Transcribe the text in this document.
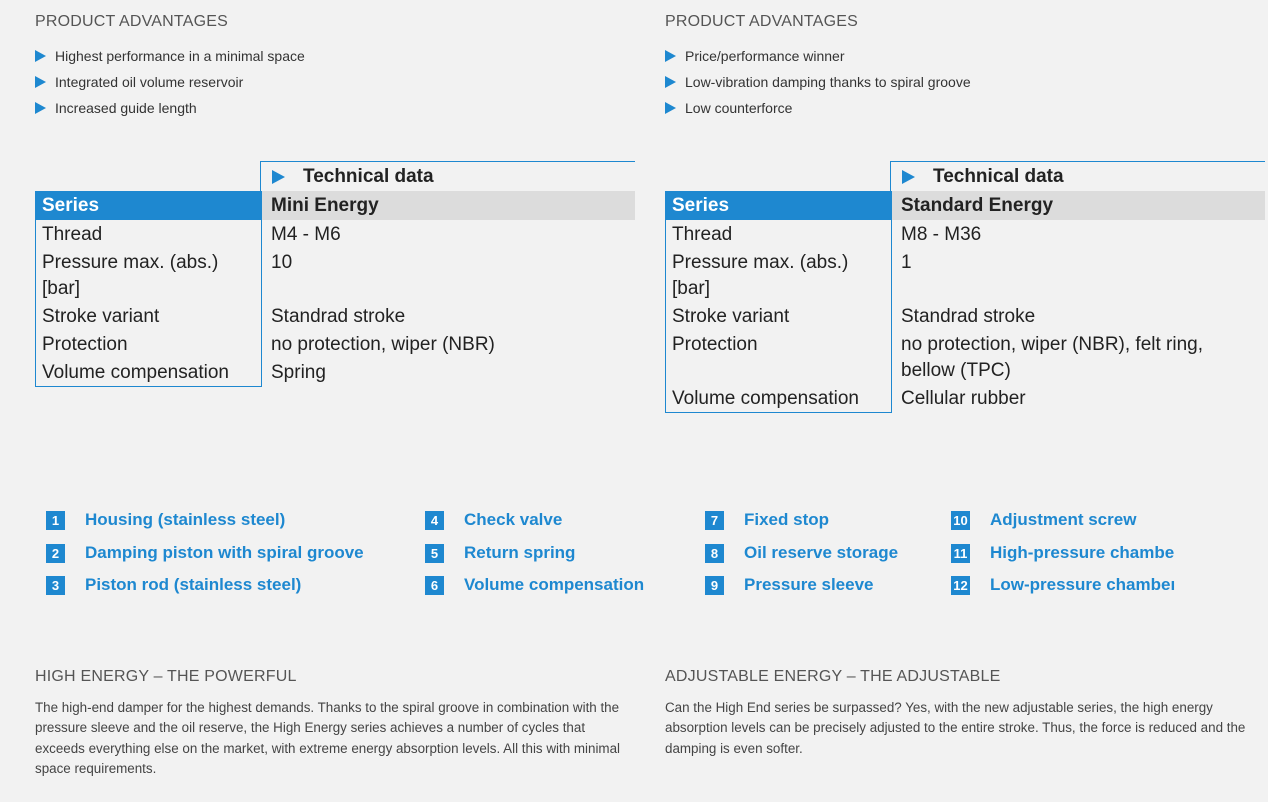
PRODUCT ADVANTAGES
Highest performance in a minimal space
Integrated oil volume reservoir
Increased guide length
Technical data
Series	Mini Energy
Thread	M4 - M6
Pressure max. (abs.) [bar]	10
Stroke variant	Standrad stroke
Protection	no protection, wiper (NBR)
Volume compensation	Spring
HIGH ENERGY – THE POWERFUL
The high-end damper for the highest demands. Thanks to the spiral groove in combination with the pressure sleeve and the oil reserve, the High Energy series achieves a number of cycles that exceeds everything else on the market, with extreme energy absorption levels. All this with minimal space requirements.
PRODUCT ADVANTAGES
Price/performance winner
Low-vibration damping thanks to spiral groove
Low counterforce
Technical data
Series	Standard Energy
Thread	M8 - M36
Pressure max. (abs.) [bar]	1
Stroke variant	Standrad stroke
Protection	no protection, wiper (NBR), felt ring, bellow (TPC)
Volume compensation	Cellular rubber
ADJUSTABLE ENERGY – THE ADJUSTABLE
Can the High End series be surpassed? Yes, with the new adjustable series, the high energy absorption levels can be precisely adjusted to the entire stroke. Thus, the force is reduced and the damping is even softer.
1	Housing (stainless steel)
2	Damping piston with spiral groove
3	Piston rod (stainless steel)
4	Check valve
5	Return spring
6	Volume compensation
7	Fixed stop
8	Oil reserve storage
9	Pressure sleeve
10 Adjustment screw
11 High-pressure chambe
12 Low-pressure chambeı
